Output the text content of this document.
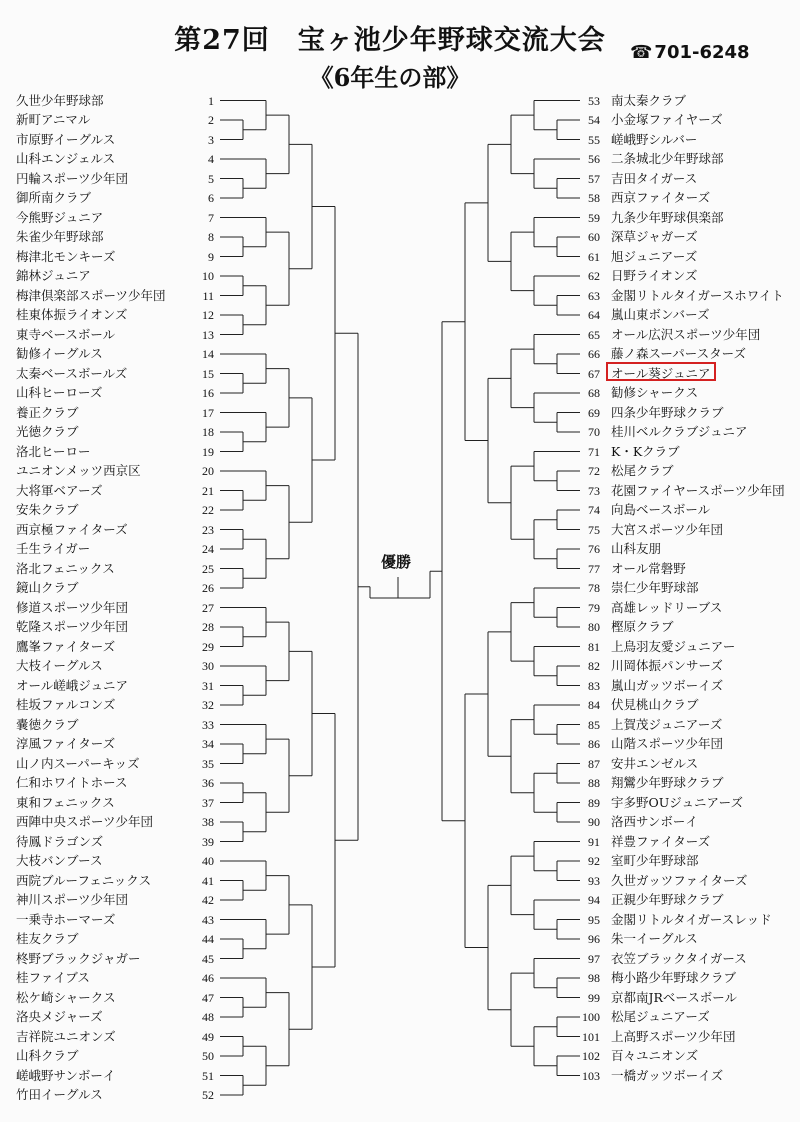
第27回　宝ヶ池少年野球交流大会
《6年生の部》
☎ 701-6248
1
久世少年野球部
2
新町アニマル
3
市原野イーグルス
4
山科エンジェルス
5
円輪スポーツ少年団
6
御所南クラブ
7
今熊野ジュニア
8
朱雀少年野球部
9
梅津北モンキーズ
10
錦林ジュニア
11
梅津倶楽部スポーツ少年団
12
桂東体振ライオンズ
13
東寺ベースボール
14
勧修イーグルス
15
太秦ベースボールズ
16
山科ヒーローズ
17
養正クラブ
18
光徳クラブ
19
洛北ヒーロー
20
ユニオンメッツ西京区
21
大将軍ベアーズ
22
安朱クラブ
23
西京極ファイターズ
24
壬生ライガー
25
洛北フェニックス
26
鏡山クラブ
27
修道スポーツ少年団
28
乾隆スポーツ少年団
29
鷹峯ファイターズ
30
大枝イーグルス
31
オール嵯峨ジュニア
32
桂坂ファルコンズ
33
嚢徳クラブ
34
淳風ファイターズ
35
山ノ内スーパーキッズ
36
仁和ホワイトホース
37
東和フェニックス
38
西陣中央スポーツ少年団
39
待鳳ドラゴンズ
40
大枝バンブース
41
西院ブルーフェニックス
42
神川スポーツ少年団
43
一乗寺ホーマーズ
44
桂友クラブ
45
柊野ブラックジャガー
46
桂ファイブス
47
松ケ崎シャークス
48
洛央メジャーズ
49
吉祥院ユニオンズ
50
山科クラブ
51
嵯峨野サンボーイ
52
竹田イーグルス
53 南太秦クラブ
54 小金塚ファイヤーズ
55 嵯峨野シルバー
56 二条城北少年野球部
57 吉田タイガース
58 西京ファイターズ
59 九条少年野球倶楽部
60 深草ジャガーズ
61 旭ジュニアーズ
62 日野ライオンズ
63 金閣リトルタイガースホワイト
64 嵐山東ボンバーズ
65 オール広沢スポーツ少年団
66 藤ノ森スーパースターズ
67 オール葵ジュニア
68 勧修シャークス
69 四条少年野球クラブ
70 桂川ベルクラブジュニア
71 K・Kクラブ
72 松尾クラブ
73 花園ファイヤースポーツ少年団
74 向島ベースボール
75 大宮スポーツ少年団
76 山科友朋
77 オール常磐野
78 崇仁少年野球部
79 高雄レッドリーブス
80 樫原クラブ
81 上鳥羽友愛ジュニアー
82 川岡体振パンサーズ
83 嵐山ガッツボーイズ
84 伏見桃山クラブ
85 上賀茂ジュニアーズ
86 山階スポーツ少年団
87 安井エンゼルス
88 翔鸞少年野球クラブ
89 宇多野OUジュニアーズ
90 洛西サンボーイ
91 祥豊ファイターズ
92 室町少年野球部
93 久世ガッツファイターズ
94 正親少年野球クラブ
95 金閣リトルタイガースレッド
96 朱一イーグルス
97 衣笠ブラックタイガース
98 梅小路少年野球クラブ
99 京都南JRベースボール
100 松尾ジュニアーズ
101 上高野スポーツ少年団
102 百々ユニオンズ
103 一橋ガッツボーイズ
優勝
